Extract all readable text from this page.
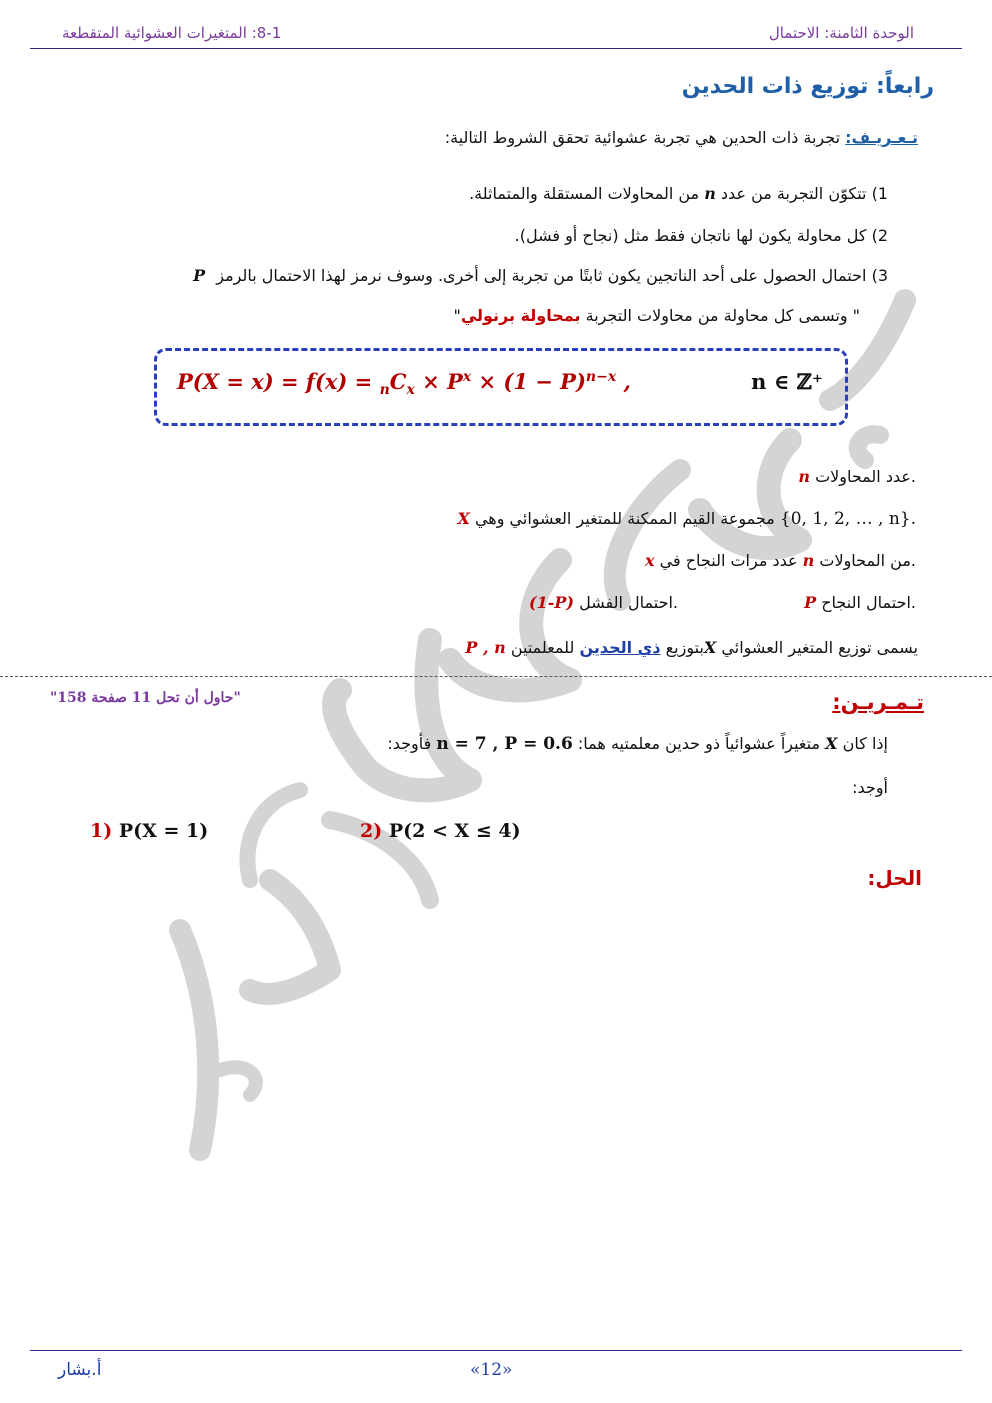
الوحدة الثامنة: الاحتمال
8-1: المتغيرات العشوائية المتقطعة
رابعاً: توزيع ذات الحدين
تـعـريـف: تجربة ذات الحدين هي تجربة عشوائية تحقق الشروط التالية:
1) تتكوّن التجربة من عدد n من المحاولات المستقلة والمتماثلة.
2) كل محاولة يكون لها ناتجان فقط مثل (نجاح أو فشل).
3) احتمال الحصول على أحد الناتجين يكون ثابتًا من تجربة إلى أخرى. وسوف نرمز لهذا الاحتمال بالرمز P
" وتسمى كل محاولة من محاولات التجربة بمحاولة برنولي"
$P(X = x) = f(x) = _nC_x \times P^x \times (1 - P)^{n-x}$ ,	n ∈ ℤ⁺
n عدد المحاولات.
X مجموعة القيم الممكنة للمتغير العشوائي وهي {0, 1, 2, … , n}.
x عدد مرات النجاح في n من المحاولات.
P احتمال النجاح.
(1-P) احتمال الفشل.
يسمى توزيع المتغير العشوائي Xبتوزيع ذي الحدين للمعلمتين P , n
تـمـريـن:
"حاول أن تحل 11 صفحة 158"
إذا كان X متغيراً عشوائياً ذو حدين معلمتيه هما: n = 7 , P = 0.6 فأوجد:
أوجد:
2) P(2 < X ≤ 4)
1) P(X = 1)
الحل:
أ.بشار	«12»
